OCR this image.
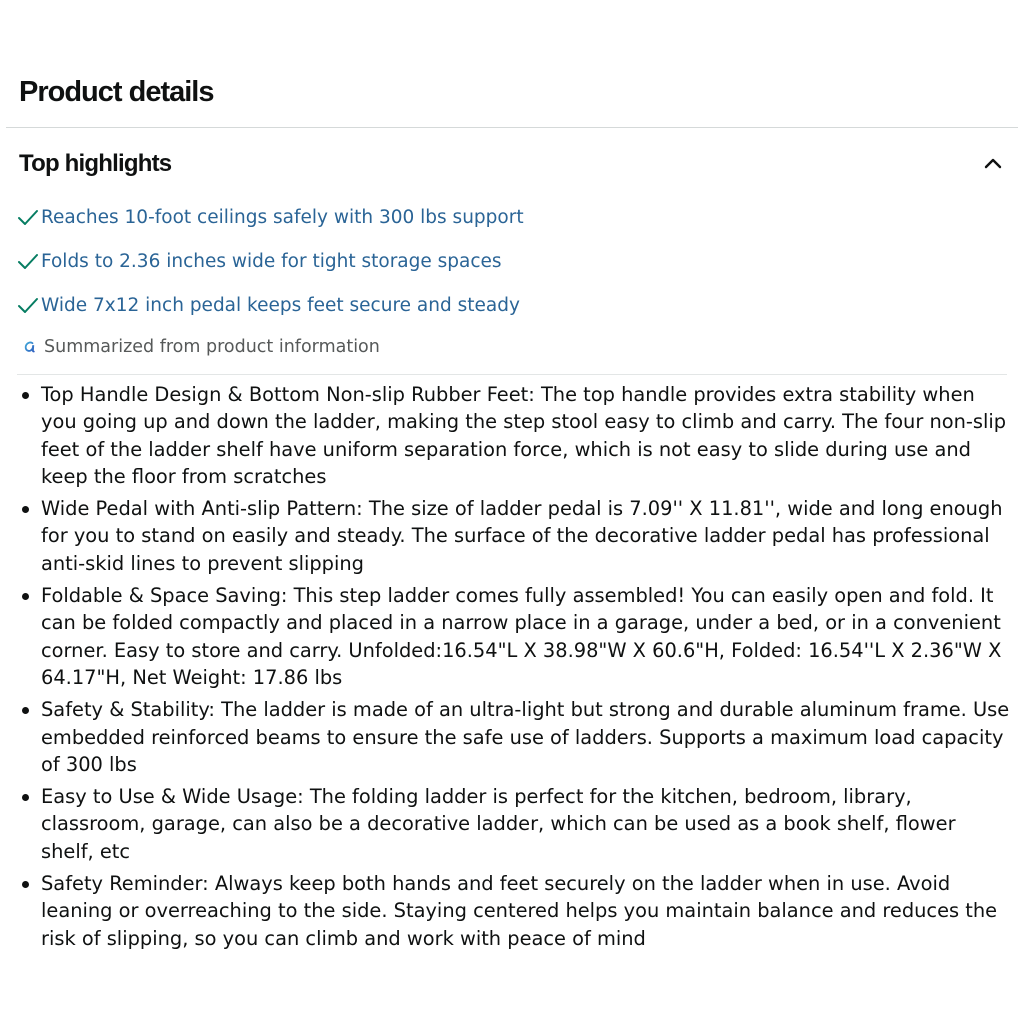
Product details
Top highlights
Reaches 10-foot ceilings safely with 300 lbs support
Folds to 2.36 inches wide for tight storage spaces
Wide 7x12 inch pedal keeps feet secure and steady
Summarized from product information
Top Handle Design & Bottom Non-slip Rubber Feet: The top handle provides extra stability when you going up and down the ladder, making the step stool easy to climb and carry. The four non-slip feet of the ladder shelf have uniform separation force, which is not easy to slide during use and keep the floor from scratches
Wide Pedal with Anti-slip Pattern: The size of ladder pedal is 7.09'' X 11.81'', wide and long enough for you to stand on easily and steady. The surface of the decorative ladder pedal has professional anti-skid lines to prevent slipping
Foldable & Space Saving: This step ladder comes fully assembled! You can easily open and fold. It can be folded compactly and placed in a narrow place in a garage, under a bed, or in a convenient corner. Easy to store and carry. Unfolded:16.54"L X 38.98"W X 60.6"H, Folded: 16.54''L X 2.36"W X 64.17"H, Net Weight: 17.86 lbs
Safety & Stability: The ladder is made of an ultra-light but strong and durable aluminum frame. Use embedded reinforced beams to ensure the safe use of ladders. Supports a maximum load capacity of 300 lbs
Easy to Use & Wide Usage: The folding ladder is perfect for the kitchen, bedroom, library, classroom, garage, can also be a decorative ladder, which can be used as a book shelf, flower shelf, etc
Safety Reminder: Always keep both hands and feet securely on the ladder when in use. Avoid leaning or overreaching to the side. Staying centered helps you maintain balance and reduces the risk of slipping, so you can climb and work with peace of mind
